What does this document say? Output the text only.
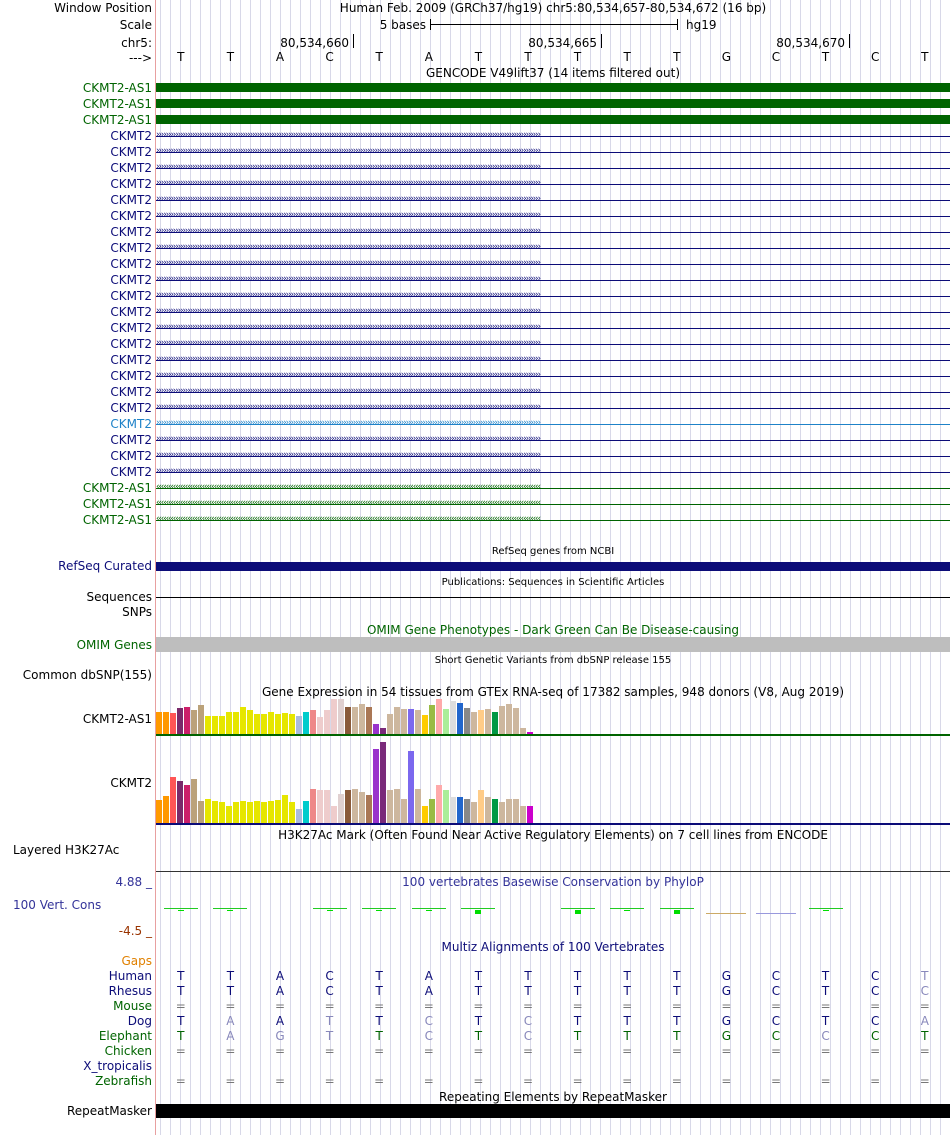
Window Position	Human Feb. 2009 (GRCh37/hg19) chr5:80,534,657-80,534,672 (16 bp)
Scale	5 bases	hg19
chr5:	80,534,660	80,534,665	80,534,670
--->	T	T	A	C	T	A	T	T	T	T	T	G	C	T	C	T
GENCODE V49lift37 (14 items filtered out)
CKMT2-AS1
CKMT2-AS1
CKMT2-AS1
CKMT2
CKMT2
CKMT2
CKMT2
CKMT2
CKMT2
CKMT2
CKMT2
CKMT2
CKMT2
CKMT2
CKMT2
CKMT2
CKMT2
CKMT2
CKMT2
CKMT2
CKMT2
CKMT2
CKMT2
CKMT2
CKMT2
CKMT2-AS1
CKMT2-AS1
CKMT2-AS1
RefSeq genes from NCBI
RefSeq Curated
Publications: Sequences in Scientific Articles
Sequences
SNPs
OMIM Gene Phenotypes - Dark Green Can Be Disease-causing
OMIM Genes
Short Genetic Variants from dbSNP release 155
Common dbSNP(155)
Gene Expression in 54 tissues from GTEx RNA-seq of 17382 samples, 948 donors (V8, Aug 2019)
CKMT2-AS1
CKMT2
H3K27Ac Mark (Often Found Near Active Regulatory Elements) on 7 cell lines from ENCODE
Layered H3K27Ac
100 vertebrates Basewise Conservation by PhyloP
4.88 _
100 Vert. Cons
-4.5 _
Multiz Alignments of 100 Vertebrates
Gaps
Human	T	T	A	C	T	A	T	T	T	T	T	G	C	T	C	T
Rhesus	T	T	A	C	T	A	T	T	T	T	T	G	C	T	C	C
Mouse	=	=	=	=	=	=	=	=	=	=	=	=	=	=	=	=
Dog	T	A	A	T	T	C	T	C	T	T	T	G	C	T	C	A
Elephant	T	A	G	T	T	C	T	C	T	T	T	G	C	C	C	T
Chicken	=	=	=	=	=	=	=	=	=	=	=	=	=	=	=	=
X_tropicalis
Zebrafish	=	=	=	=	=	=	=	=	=	=	=	=	=	=	=	=
Repeating Elements by RepeatMasker
RepeatMasker
